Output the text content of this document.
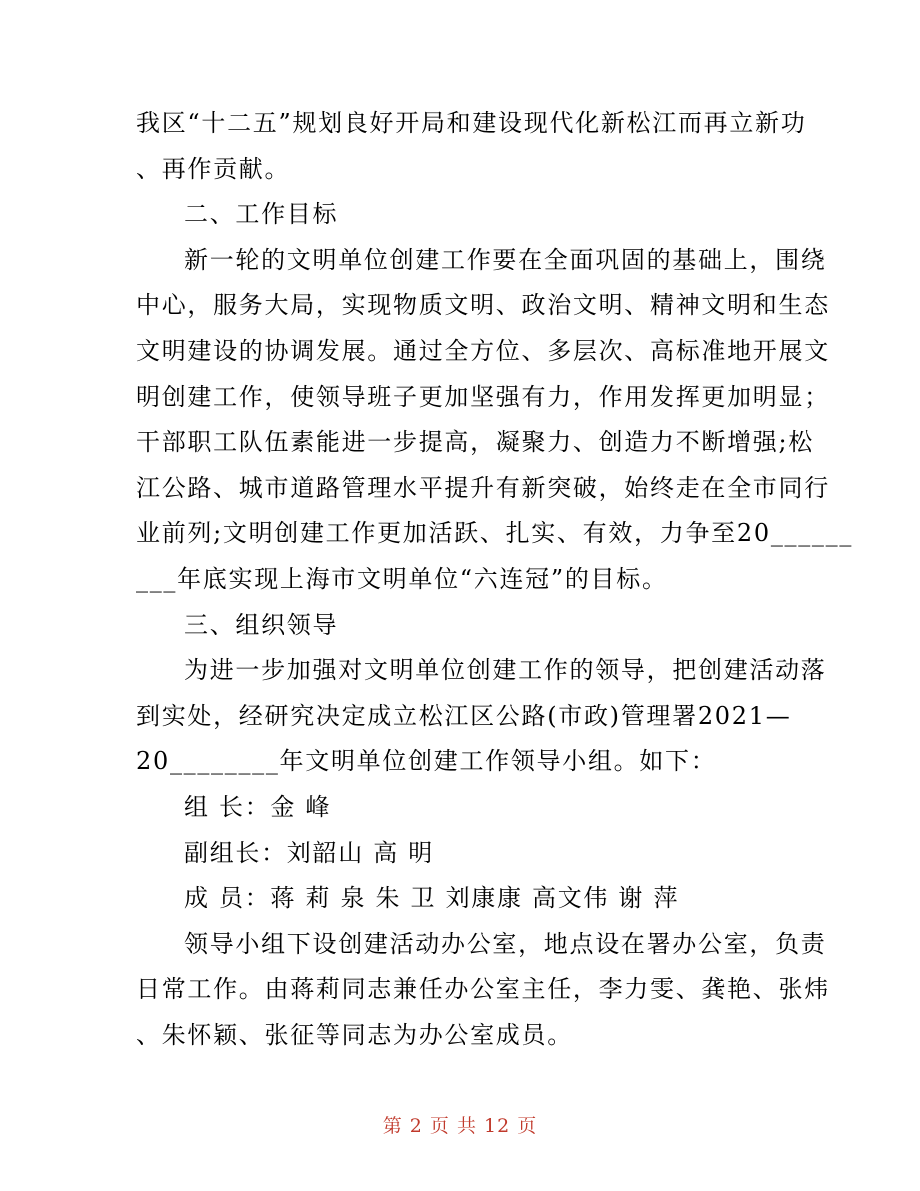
我区“十二五”规划良好开局和建设现代化新松江而再立新功
、再作贡献。
二、工作目标
新一轮的文明单位创建工作要在全面巩固的基础上，围绕
中心，服务大局，实现物质文明、政治文明、精神文明和生态
文明建设的协调发展。通过全方位、多层次、高标准地开展文
明创建工作，使领导班子更加坚强有力，作用发挥更加明显；
干部职工队伍素能进一步提高，凝聚力、创造力不断增强;松
江公路、城市道路管理水平提升有新突破，始终走在全市同行
业前列;文明创建工作更加活跃、扎实、有效，力争至20______
___年底实现上海市文明单位“六连冠”的目标。
三、组织领导
为进一步加强对文明单位创建工作的领导，把创建活动落
到实处，经研究决定成立松江区公路(市政)管理署2021—
20________年文明单位创建工作领导小组。如下：
组 长：金 峰
副组长：刘韶山 高 明
成 员：蒋 莉 泉 朱 卫 刘康康 高文伟 谢 萍
领导小组下设创建活动办公室，地点设在署办公室，负责
日常工作。由蒋莉同志兼任办公室主任，李力雯、龚艳、张炜
、朱怀颖、张征等同志为办公室成员。
第 2 页 共 12 页
